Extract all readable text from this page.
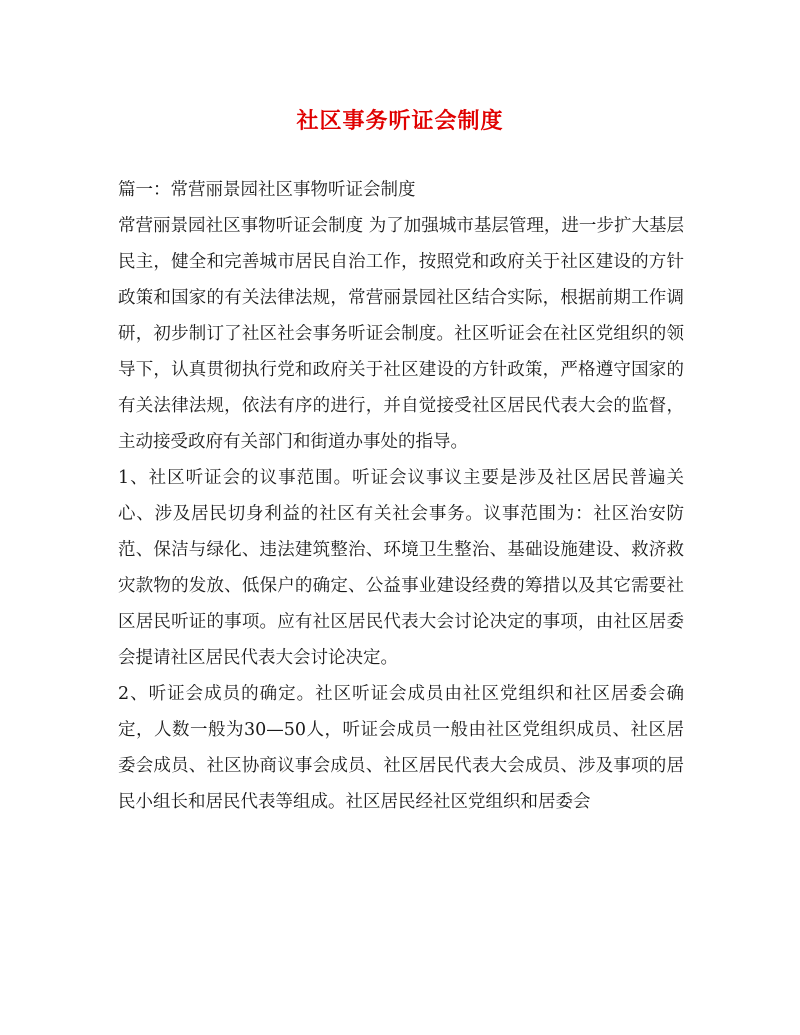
社区事务听证会制度

篇一：常营丽景园社区事物听证会制度

常营丽景园社区事物听证会制度 为了加强城市基层管理，进一步扩大基层民主，健全和完善城市居民自治工作，按照党和政府关于社区建设的方针政策和国家的有关法律法规，常营丽景园社区结合实际，根据前期工作调研，初步制订了社区社会事务听证会制度。社区听证会在社区党组织的领导下，认真贯彻执行党和政府关于社区建设的方针政策，严格遵守国家的有关法律法规，依法有序的进行，并自觉接受社区居民代表大会的监督，主动接受政府有关部门和街道办事处的指导。

1、社区听证会的议事范围。听证会议事议主要是涉及社区居民普遍关心、涉及居民切身利益的社区有关社会事务。议事范围为：社区治安防范、保洁与绿化、违法建筑整治、环境卫生整治、基础设施建设、救济救灾款物的发放、低保户的确定、公益事业建设经费的筹措以及其它需要社区居民听证的事项。应有社区居民代表大会讨论决定的事项，由社区居委会提请社区居民代表大会讨论决定。

2、听证会成员的确定。社区听证会成员由社区党组织和社区居委会确定，人数一般为30—50人，听证会成员一般由社区党组织成员、社区居委会成员、社区协商议事会成员、社区居民代表大会成员、涉及事项的居民小组长和居民代表等组成。社区居民经社区党组织和居委会
